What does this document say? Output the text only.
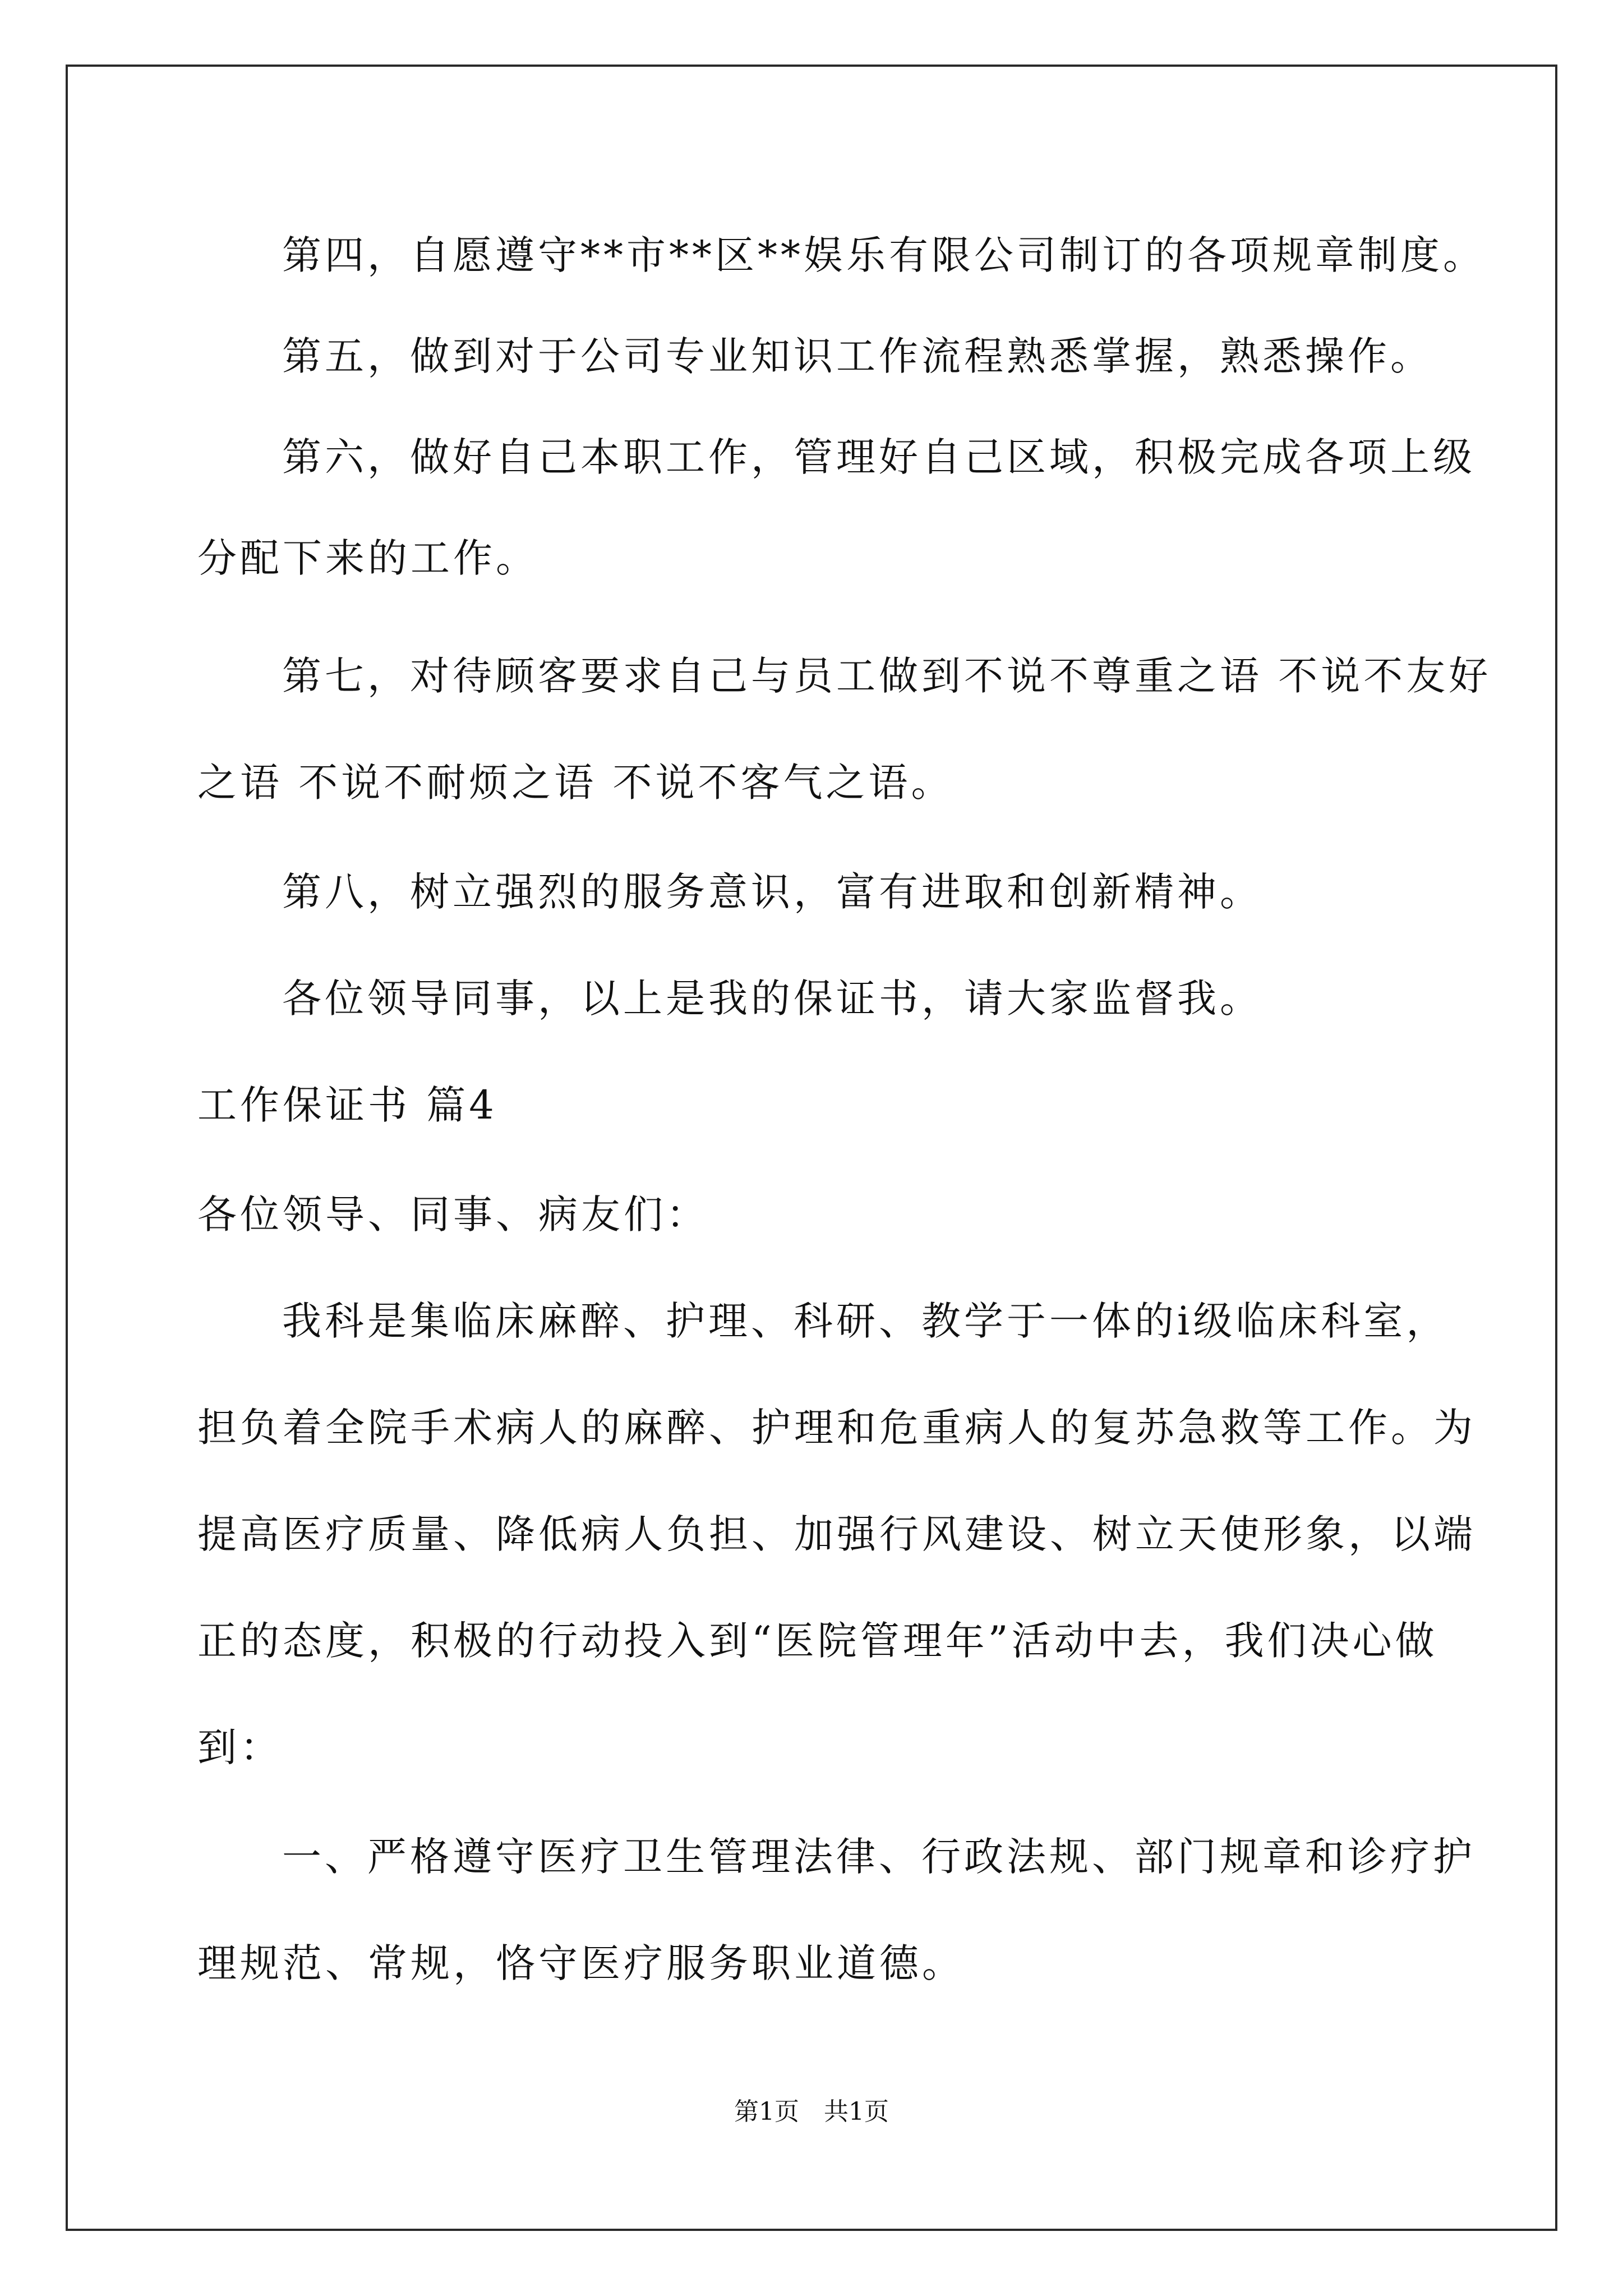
第四，自愿遵守**市**区**娱乐有限公司制订的各项规章制度。
第五，做到对于公司专业知识工作流程熟悉掌握，熟悉操作。
第六，做好自己本职工作，管理好自己区域，积极完成各项上级
分配下来的工作。
第七，对待顾客要求自己与员工做到不说不尊重之语 不说不友好
之语 不说不耐烦之语 不说不客气之语。
第八，树立强烈的服务意识，富有进取和创新精神。
各位领导同事，以上是我的保证书，请大家监督我。
工作保证书 篇4
各位领导、同事、病友们：
我科是集临床麻醉、护理、科研、教学于一体的ⅰ级临床科室，
担负着全院手术病人的麻醉、护理和危重病人的复苏急救等工作。为
提高医疗质量、降低病人负担、加强行风建设、树立天使形象，以端
正的态度，积极的行动投入到“医院管理年”活动中去，我们决心做
到：
一、严格遵守医疗卫生管理法律、行政法规、部门规章和诊疗护
理规范、常规，恪守医疗服务职业道德。
第1页　共1页
